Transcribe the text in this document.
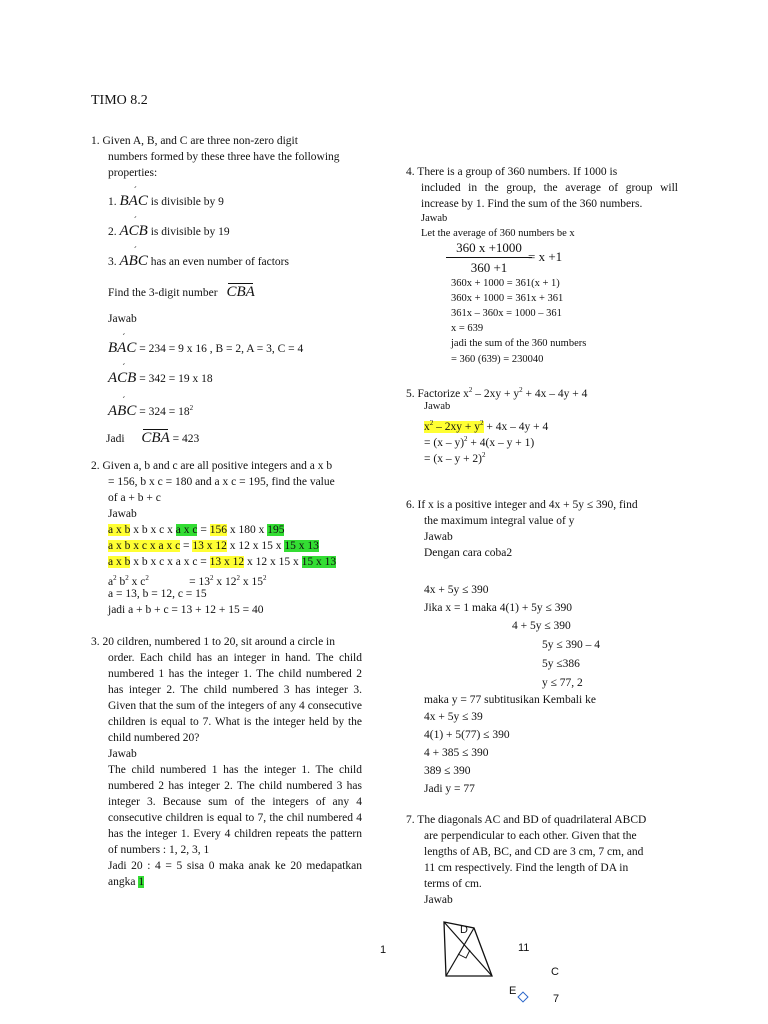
TIMO 8.2
1. Given A, B, and C are three non-zero digit
numbers formed by these three have the following
properties:
1. BAC ˊ is divisible by 9
2. ACB ˊ is divisible by 19
3. ABC ˊ has an even number of factors
Find the 3-digit number CBA
Jawab
BAC ˊ = 234 = 9 x 16 , B = 2, A = 3, C = 4
ACB ˊ = 342 = 19 x 18
ABC ˊ = $324 = 18^2$
Jadi CBA = 423
2. Given a, b and c are all positive integers and a x b
= 156, b x c = 180 and a x c = 195, find the value
of a + b + c
Jawab
a x b x b x c x a x c = 156 x 180 x 195
a x b x c x a x c = 13 x 12 x 12 x 15 x 15 x 13
a x b x b x c x a x c = 13 x 12 x 12 x 15 x 15 x 13
$a^2$ $b^2$ x $c^2$              = $13^2$ x $12^2$ x $15^2$
a = 13, b = 12, c = 15
jadi a + b + c = 13 + 12 + 15 = 40
3. 20 cildren, numbered 1 to 20, sit around a circle in
order. Each child has an integer in hand. The child numbered 1 has the integer 1. The child numbered 2 has integer 2. The child numbered 3 has integer 3. Given that the sum of the integers of any 4 consecutive children is equal to 7. What is the integer held by the child numbered 20?
Jawab
The child numbered 1 has the integer 1. The child numbered 2 has integer 2. The child numbered 3 has integer 3. Because sum of the integers of any 4 consecutive children is equal to 7, the chil numbered 4 has the integer 1. Every 4 children repeats the pattern of numbers : 1, 2, 3, 1
Jadi 20 : 4 = 5 sisa 0 maka anak ke 20 medapatkan angka 1
4. There is a group of 360 numbers. If 1000 is
included in the group, the average of group will increase by 1. Find the sum of the 360 numbers.
Jawab
Let the average of 360 numbers be x
$\frac{360 x +1000}{360 +1}$
= x +1
360x + 1000 = 361(x + 1)
360x + 1000 = 361x + 361
361x – 360x = 1000 – 361
x = 639
jadi the sum of the 360 numbers
= 360 (639) = 230040
5. Factorize $x^2 - 2xy + y^2 + 4x - 4y + 4$
Jawab
$x^2 - 2xy + y^2 + 4x - 4y + 4$
= (x – y)$^2$ + 4(x – y + 1)
= $(x - y + 2)^2$
6. If x is a positive integer and 4x + 5y ≤ 390, find
the maximum integral value of y
Jawab
Dengan cara coba2
4x + 5y ≤ 390
Jika x = 1 maka 4(1) + 5y ≤ 390
4 + 5y ≤ 390
5y ≤ 390 – 4
5y ≤386
y ≤ 77, 2
maka y = 77 subtitusikan Kembali ke
4x + 5y ≤ 39
4(1) + 5(77) ≤ 390
4 + 385 ≤ 390
389 ≤ 390
Jadi y = 77
7. The diagonals AC and BD of quadrilateral ABCD
are perpendicular to each other. Given that the
lengths of AB, BC, and CD are 3 cm, 7 cm, and
11 cm respectively. Find the length of DA in
terms of cm.
Jawab
D
1	11
C
E
7
